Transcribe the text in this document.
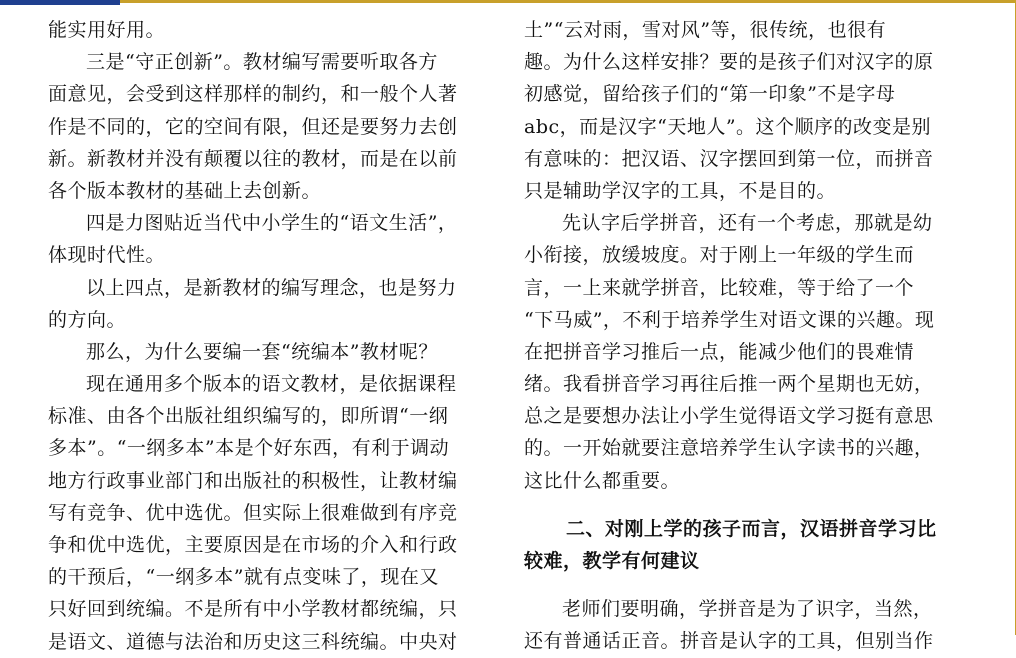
能实用好用。
三是“守正创新”。教材编写需要听取各方
面意见，会受到这样那样的制约，和一般个人著
作是不同的，它的空间有限，但还是要努力去创
新。新教材并没有颠覆以往的教材，而是在以前
各个版本教材的基础上去创新。
四是力图贴近当代中小学生的“语文生活”，
体现时代性。
以上四点，是新教材的编写理念，也是努力
的方向。
那么，为什么要编一套“统编本”教材呢？
现在通用多个版本的语文教材，是依据课程
标准、由各个出版社组织编写的，即所谓“一纲
多本”。“一纲多本”本是个好东西，有利于调动
地方行政事业部门和出版社的积极性，让教材编
写有竞争、优中选优。但实际上很难做到有序竞
争和优中选优，主要原因是在市场的介入和行政
的干预后，“一纲多本”就有点变味了，现在又
只好回到统编。不是所有中小学教材都统编，只
是语文、道德与法治和历史这三科统编。中央对
土”“云对雨，雪对风”等，很传统，也很有
趣。为什么这样安排？要的是孩子们对汉字的原
初感觉，留给孩子们的“第一印象”不是字母
abc，而是汉字“天地人”。这个顺序的改变是别
有意味的：把汉语、汉字摆回到第一位，而拼音
只是辅助学汉字的工具，不是目的。
先认字后学拼音，还有一个考虑，那就是幼
小衔接，放缓坡度。对于刚上一年级的学生而
言，一上来就学拼音，比较难，等于给了一个
“下马威”，不利于培养学生对语文课的兴趣。现
在把拼音学习推后一点，能减少他们的畏难情
绪。我看拼音学习再往后推一两个星期也无妨，
总之是要想办法让小学生觉得语文学习挺有意思
的。一开始就要注意培养学生认字读书的兴趣，
这比什么都重要。
二、对刚上学的孩子而言，汉语拼音学习比
较难，教学有何建议
老师们要明确，学拼音是为了识字，当然，
还有普通话正音。拼音是认字的工具，但别当作
